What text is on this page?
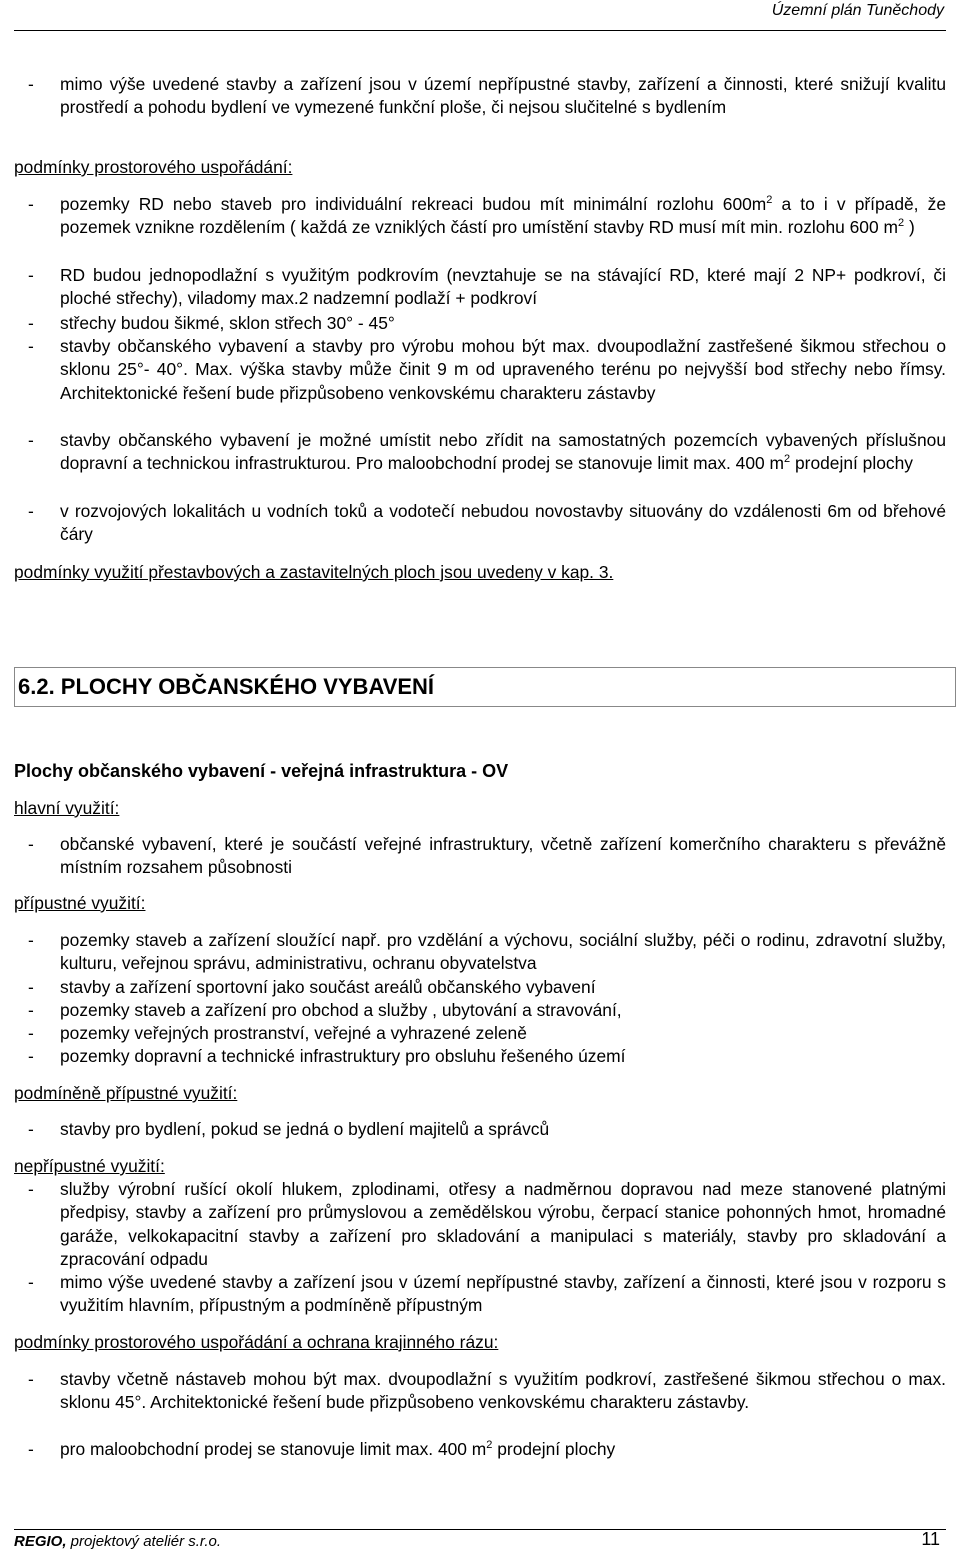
Územní plán Tuněchody
- mimo výše uvedené stavby a zařízení jsou v území nepřípustné stavby, zařízení a činnosti, které snižují kvalitu prostředí a pohodu bydlení ve vymezené funkční ploše, či nejsou slučitelné s bydlením
podmínky prostorového uspořádání:
- pozemky RD nebo staveb pro individuální rekreaci budou mít minimální rozlohu $600m^2$ a to i v případě, že pozemek vznikne rozdělením ( každá ze vzniklých částí pro umístění stavby RD musí mít min. rozlohu 600 $m^2$ )
- RD budou jednopodlažní s využitým podkrovím (nevztahuje se na stávající RD, které mají 2 NP+ podkroví, či ploché střechy), viladomy max.2 nadzemní podlaží + podkroví
- střechy budou šikmé, sklon střech 30° - 45°
- stavby občanského vybavení a stavby pro výrobu mohou být max. dvoupodlažní zastřešené šikmou střechou o sklonu 25°- 40°. Max. výška stavby může činit 9 m od upraveného terénu po nejvyšší bod střechy nebo římsy. Architektonické řešení bude přizpůsobeno venkovskému charakteru zástavby
- stavby občanského vybavení je možné umístit nebo zřídit na samostatných pozemcích vybavených příslušnou dopravní a technickou infrastrukturou. Pro maloobchodní prodej se stanovuje limit max. 400 $m^2$ prodejní plochy
- v rozvojových lokalitách u vodních toků a vodotečí nebudou novostavby situovány do vzdálenosti 6m od břehové čáry
podmínky využití přestavbových a zastavitelných ploch jsou uvedeny v kap. 3.
Plochy občanského vybavení - veřejná infrastruktura - OV
hlavní využití:
- občanské vybavení, které je součástí veřejné infrastruktury, včetně zařízení komerčního charakteru s převážně místním rozsahem působnosti
přípustné využití:
- pozemky staveb a zařízení sloužící např. pro vzdělání a výchovu, sociální služby, péči o rodinu, zdravotní služby, kulturu, veřejnou správu, administrativu, ochranu obyvatelstva
- stavby a zařízení sportovní jako součást areálů občanského vybavení
- pozemky staveb a zařízení pro obchod a služby , ubytování a stravování,
- pozemky veřejných prostranství, veřejné a vyhrazené zeleně
- pozemky dopravní a technické infrastruktury pro obsluhu řešeného území
podmíněně přípustné využití:
- stavby pro bydlení, pokud se jedná o bydlení majitelů a správců
nepřípustné využití:
- služby výrobní rušící okolí hlukem, zplodinami, otřesy a nadměrnou dopravou nad meze stanovené platnými předpisy, stavby a zařízení pro průmyslovou a zemědělskou výrobu, čerpací stanice pohonných hmot, hromadné garáže, velkokapacitní stavby a zařízení pro skladování a manipulaci s materiály, stavby pro skladování a zpracování odpadu
- mimo výše uvedené stavby a zařízení jsou v území nepřípustné stavby, zařízení a činnosti, které jsou v rozporu s využitím hlavním, přípustným a podmíněně přípustným
podmínky prostorového uspořádání a ochrana krajinného rázu:
- stavby včetně nástaveb mohou být max. dvoupodlažní s využitím podkroví, zastřešené šikmou střechou o max. sklonu 45°. Architektonické řešení bude přizpůsobeno venkovskému charakteru zástavby.
- pro maloobchodní prodej se stanovuje limit max. 400 $m^2$ prodejní plochy
6.2. PLOCHY OBČANSKÉHO VYBAVENÍ
REGIO, projektový ateliér s.r.o.	11
